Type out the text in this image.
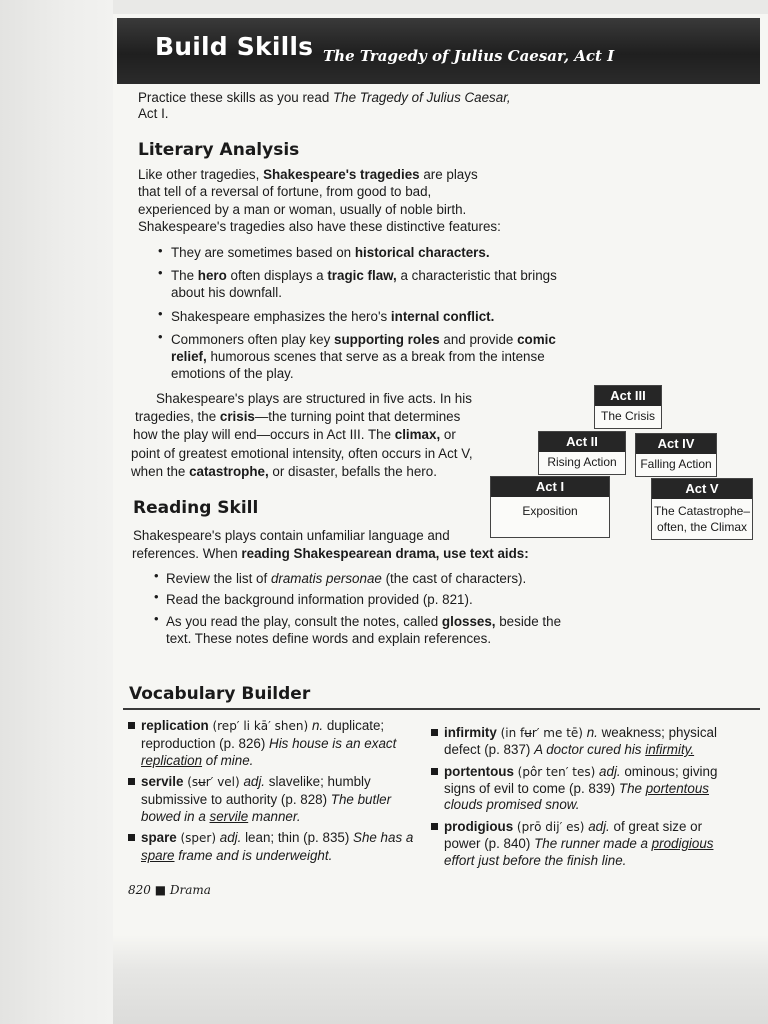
Build Skills The Tragedy of Julius Caesar, Act I
Practice these skills as you read The Tragedy of Julius Caesar,
Act I.
Literary Analysis
Like other tragedies, Shakespeare's tragedies are plays
that tell of a reversal of fortune, from good to bad,
experienced by a man or woman, usually of noble birth.
Shakespeare's tragedies also have these distinctive features:
• They are sometimes based on historical characters.
• The hero often displays a tragic flaw, a characteristic that brings
about his downfall.
• Shakespeare emphasizes the hero's internal conflict.
• Commoners often play key supporting roles and provide comic
relief, humorous scenes that serve as a break from the intense
emotions of the play.
Shakespeare's plays are structured in five acts. In his
tragedies, the crisis—the turning point that determines
how the play will end—occurs in Act III. The climax, or
point of greatest emotional intensity, often occurs in Act V,
when the catastrophe, or disaster, befalls the hero.
Act III
The Crisis
Act II
Rising Action
Act IV
Falling Action
Act I
Exposition
Act V
The Catastrophe–
often, the Climax
Reading Skill
Shakespeare's plays contain unfamiliar language and
references. When reading Shakespearean drama, use text aids:
• Review the list of dramatis personae (the cast of characters).
• Read the background information provided (p. 821).
• As you read the play, consult the notes, called glosses, beside the
text. These notes define words and explain references.
Vocabulary Builder
replication (rep′ li kā′ shen) n. duplicate;
reproduction (p. 826) His house is an exact
replication of mine.
servile (sʉr′ vel) adj. slavelike; humbly
submissive to authority (p. 828) The butler
bowed in a servile manner.
spare (sper) adj. lean; thin (p. 835) She has a
spare frame and is underweight.
infirmity (in fʉr′ me tē) n. weakness; physical
defect (p. 837) A doctor cured his infirmity.
portentous (pôr ten′ tes) adj. ominous; giving
signs of evil to come (p. 839) The portentous
clouds promised snow.
prodigious (prō dij′ es) adj. of great size or
power (p. 840) The runner made a prodigious
effort just before the finish line.
820 ■ Drama
